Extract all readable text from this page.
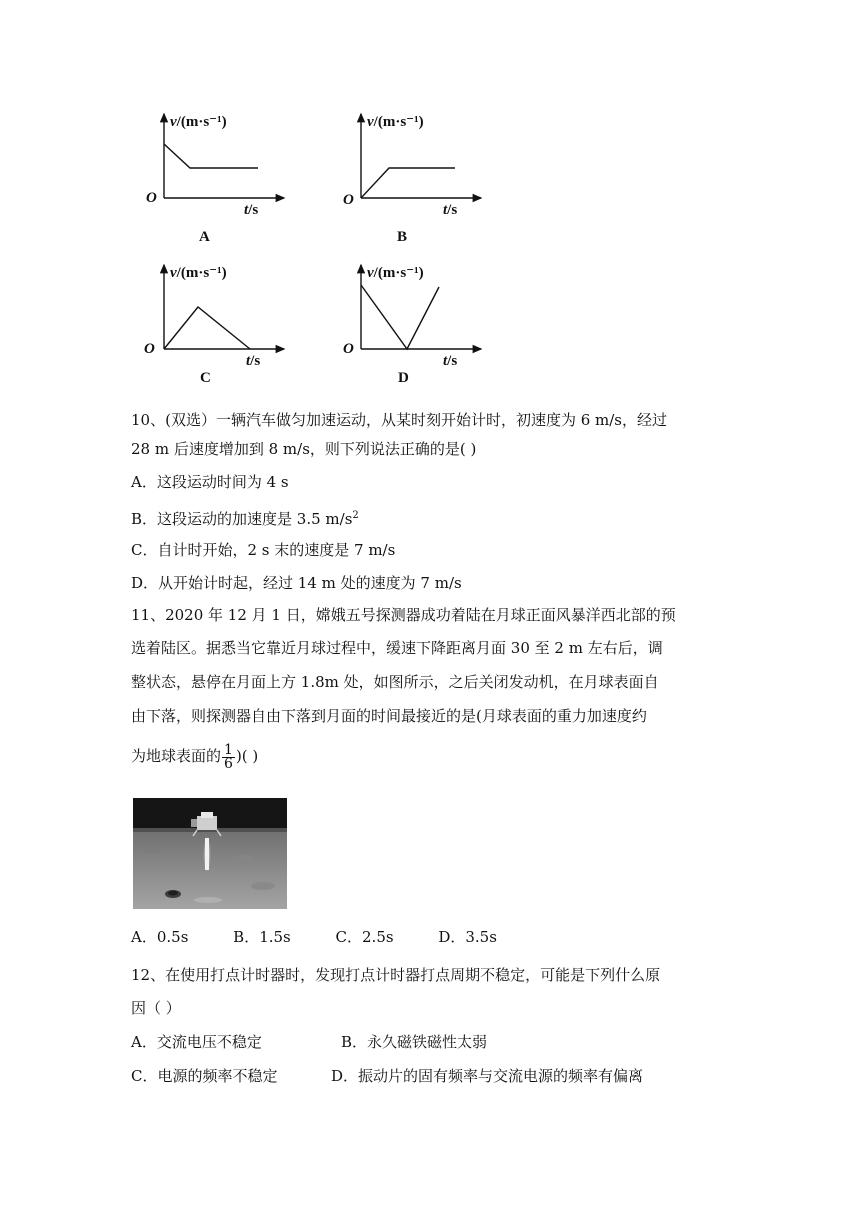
v/(m·s⁻¹)
O
t/s
A
v/(m·s⁻¹)
O
t/s
B
v/(m·s⁻¹)
O
t/s
C
v/(m·s⁻¹)
O
t/s
D
10、(双选）一辆汽车做匀加速运动，从某时刻开始计时，初速度为 6 m/s，经过
28 m 后速度增加到 8 m/s，则下列说法正确的是( )
A．这段运动时间为 4 s
B．这段运动的加速度是 3.5 $m/s^2$
C．自计时开始，2 s 末的速度是 7 m/s
D．从开始计时起，经过 14 m 处的速度为 7 m/s
11、2020 年 12 月 1 日，嫦娥五号探测器成功着陆在月球正面风暴洋西北部的预
选着陆区。据悉当它靠近月球过程中，缓速下降距离月面 30 至 2 m 左右后，调
整状态，悬停在月面上方 1.8m 处，如图所示，之后关闭发动机，在月球表面自
由下落，则探测器自由下落到月面的时间最接近的是(月球表面的重力加速度约
为地球表面的 $\frac{1}{6}$ )( )
A．0.5s	B．1.5s	C．2.5s	D．3.5s
12、在使用打点计时器时，发现打点计时器打点周期不稳定，可能是下列什么原
因（ ）
A．交流电压不稳定	B．永久磁铁磁性太弱
C．电源的频率不稳定	D．振动片的固有频率与交流电源的频率有偏离
